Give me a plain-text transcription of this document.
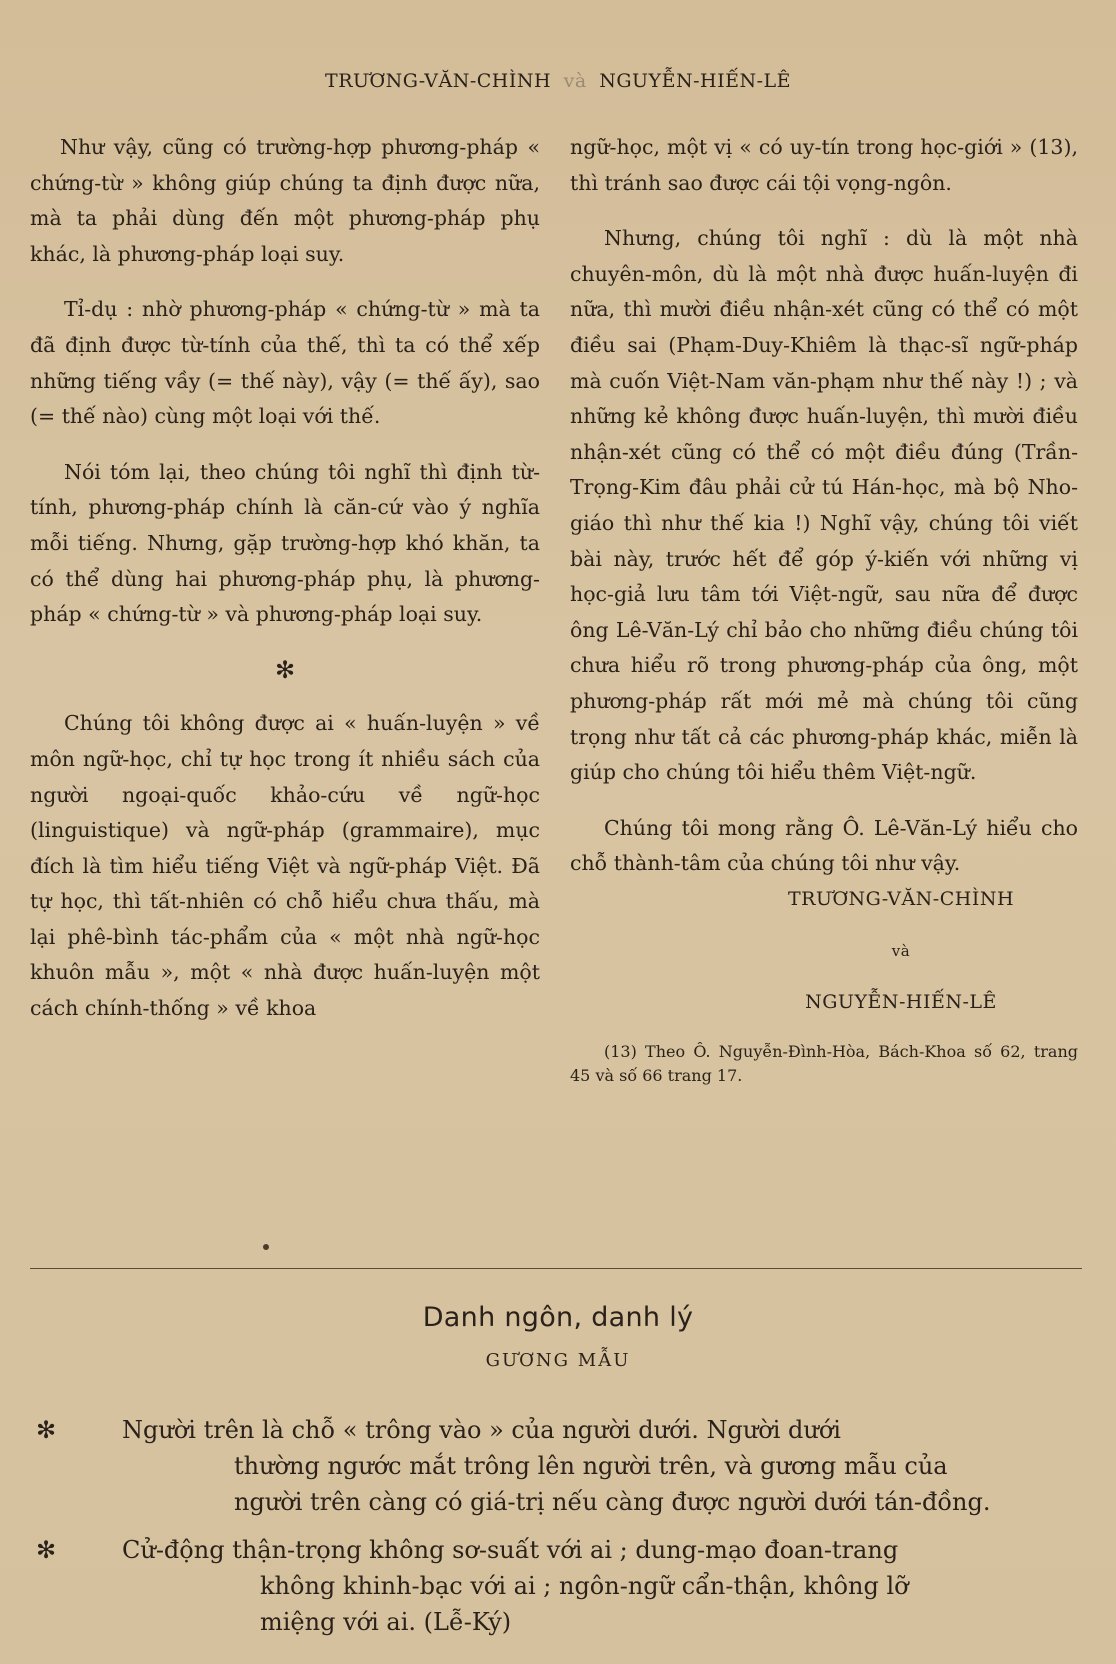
TRƯƠNG-VĂN-CHÌNH và NGUYỄN-HIẾN-LÊ

Như vậy, cũng có trường-hợp phương-pháp « chứng-từ » không giúp chúng ta định được nữa, mà ta phải dùng đến một phương-pháp phụ khác, là phương-pháp loại suy.

Tỉ-dụ : nhờ phương-pháp « chứng-từ » mà ta đã định được từ-tính của thế, thì ta có thể xếp những tiếng vầy (= thế này), vậy (= thế ấy), sao (= thế nào) cùng một loại với thế.

Nói tóm lại, theo chúng tôi nghĩ thì định từ-tính, phương-pháp chính là căn-cứ vào ý nghĩa mỗi tiếng. Nhưng, gặp trường-hợp khó khăn, ta có thể dùng hai phương-pháp phụ, là phương-pháp « chứng-từ » và phương-pháp loại suy.

✻

Chúng tôi không được ai « huấn-luyện » về môn ngữ-học, chỉ tự học trong ít nhiều sách của người ngoại-quốc khảo-cứu về ngữ-học (linguistique) và ngữ-pháp (grammaire), mục đích là tìm hiểu tiếng Việt và ngữ-pháp Việt. Đã tự học, thì tất-nhiên có chỗ hiểu chưa thấu, mà lại phê-bình tác-phẩm của « một nhà ngữ-học khuôn mẫu », một « nhà được huấn-luyện một cách chính-thống » về khoa

ngữ-học, một vị « có uy-tín trong học-giới » (13), thì tránh sao được cái tội vọng-ngôn.

Nhưng, chúng tôi nghĩ : dù là một nhà chuyên-môn, dù là một nhà được huấn-luyện đi nữa, thì mười điều nhận-xét cũng có thể có một điều sai (Phạm-Duy-Khiêm là thạc-sĩ ngữ-pháp mà cuốn Việt-Nam văn-phạm như thế này !) ; và những kẻ không được huấn-luyện, thì mười điều nhận-xét cũng có thể có một điều đúng (Trần-Trọng-Kim đâu phải cử tú Hán-học, mà bộ Nho-giáo thì như thế kia !) Nghĩ vậy, chúng tôi viết bài này, trước hết để góp ý-kiến với những vị học-giả lưu tâm tới Việt-ngữ, sau nữa để được ông Lê-Văn-Lý chỉ bảo cho những điều chúng tôi chưa hiểu rõ trong phương-pháp của ông, một phương-pháp rất mới mẻ mà chúng tôi cũng trọng như tất cả các phương-pháp khác, miễn là giúp cho chúng tôi hiểu thêm Việt-ngữ.

Chúng tôi mong rằng Ô. Lê-Văn-Lý hiểu cho chỗ thành-tâm của chúng tôi như vậy.

TRƯƠNG-VĂN-CHÌNH

và

NGUYỄN-HIẾN-LÊ

(13) Theo Ô. Nguyễn-Đình-Hòa, Bách-Khoa số 62, trang 45 và số 66 trang 17.

Danh ngôn, danh lý
GƯƠNG MẪU
✻	Người trên là chỗ « trông vào » của người dưới. Người dưới
thường ngước mắt trông lên người trên, và gương mẫu của
người trên càng có giá-trị nếu càng được người dưới tán-đồng.
✻	Cử-động thận-trọng không sơ-suất với ai ; dung-mạo đoan-trang
không khinh-bạc với ai ; ngôn-ngữ cẩn-thận, không lỡ
miệng với ai. (Lễ-Ký)
